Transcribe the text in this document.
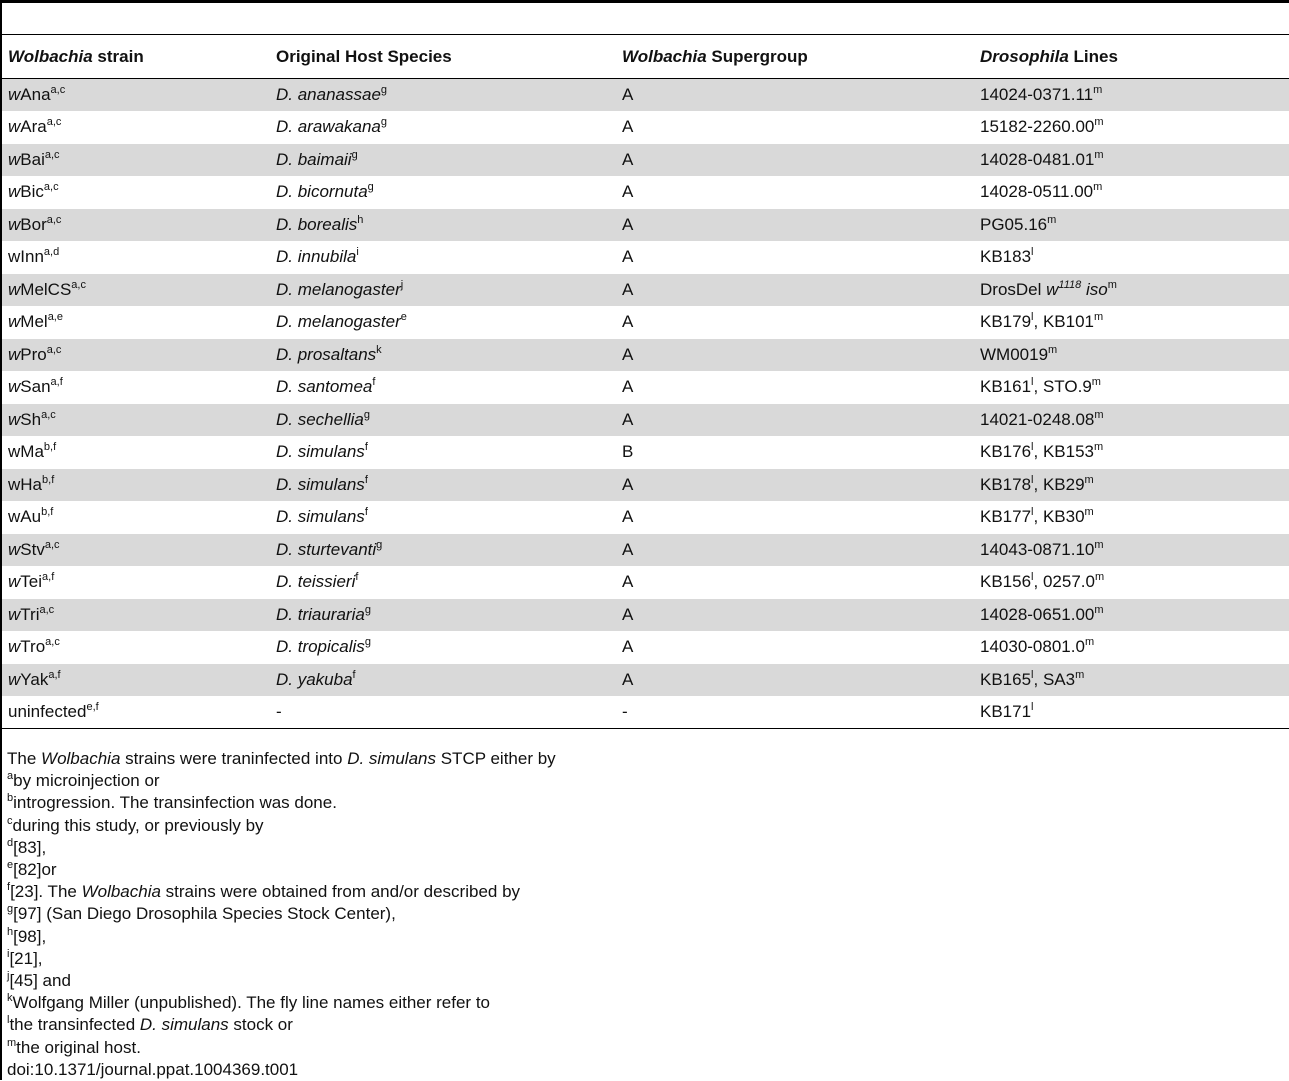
Wolbachia strain	Original Host Species	Wolbachia Supergroup	Drosophila Lines
wAna$^{a,c}$	D. ananassae$^g$	A	14024-0371.11$^m$
wAra$^{a,c}$	D. arawakana$^g$	A	15182-2260.00$^m$
wBai$^{a,c}$	D. baimaii$^g$	A	14028-0481.01$^m$
wBic$^{a,c}$	D. bicornuta$^g$	A	14028-0511.00$^m$
wBor$^{a,c}$	D. borealis$^h$	A	PG05.16$^m$
wInn$^{a,d}$	D. innubila$^i$	A	KB183$^l$
wMelCS$^{a,c}$	D. melanogaster$^j$	A	DrosDel $w^{1118}$ iso$^m$
wMel$^{a,e}$	D. melanogaster$^e$	A	KB179$^l$, KB101$^m$
wPro$^{a,c}$	D. prosaltans$^k$	A	WM0019$^m$
wSan$^{a,f}$	D. santomea$^f$	A	KB161$^l$, STO.9$^m$
wSh$^{a,c}$	D. sechellia$^g$	A	14021-0248.08$^m$
wMa$^{b,f}$	D. simulans$^f$	B	KB176$^l$, KB153$^m$
wHa$^{b,f}$	D. simulans$^f$	A	KB178$^l$, KB29$^m$
wAu$^{b,f}$	D. simulans$^f$	A	KB177$^l$, KB30$^m$
wStv$^{a,c}$	D. sturtevanti$^g$	A	14043-0871.10$^m$
wTei$^{a,f}$	D. teissieri$^f$	A	KB156$^l$, 0257.0$^m$
wTri$^{a,c}$	D. triauraria$^g$	A	14028-0651.00$^m$
wTro$^{a,c}$	D. tropicalis$^g$	A	14030-0801.0$^m$
wYak$^{a,f}$	D. yakuba$^f$	A	KB165$^l$, SA3$^m$
uninfected$^{e,f}$	-	-	KB171$^l$
The Wolbachia strains were traninfected into D. simulans STCP either by
$^a$by microinjection or
$^b$introgression. The transinfection was done.
$^c$during this study, or previously by
$^d$[83],
$^e$[82]or
$^f$[23]. The Wolbachia strains were obtained from and/or described by
$^g$[97] (San Diego Drosophila Species Stock Center),
$^h$[98],
$^i$[21],
$^j$[45] and
$^k$Wolfgang Miller (unpublished). The fly line names either refer to
$^l$the transinfected D. simulans stock or
$^m$the original host.
doi:10.1371/journal.ppat.1004369.t001
